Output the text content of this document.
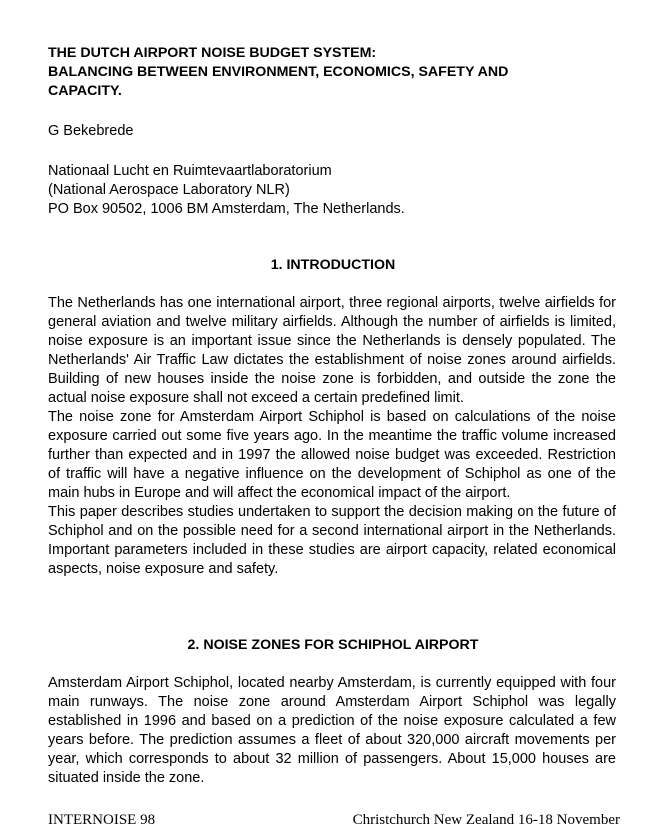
THE DUTCH AIRPORT NOISE BUDGET SYSTEM:
BALANCING BETWEEN ENVIRONMENT, ECONOMICS, SAFETY AND
CAPACITY.
G Bekebrede
Nationaal Lucht en Ruimtevaartlaboratorium
(National Aerospace Laboratory NLR)
PO Box 90502, 1006 BM Amsterdam, The Netherlands.
1. INTRODUCTION

The Netherlands has one international airport, three regional airports, twelve airfields for general aviation and twelve military airfields. Although the number of airfields is limited, noise exposure is an important issue since the Netherlands is densely populated. The Netherlands' Air Traffic Law dictates the establishment of noise zones around airfields. Building of new houses inside the noise zone is forbidden, and outside the zone the actual noise exposure shall not exceed a certain predefined limit.

The noise zone for Amsterdam Airport Schiphol is based on calculations of the noise exposure carried out some five years ago. In the meantime the traffic volume increased further than expected and in 1997 the allowed noise budget was exceeded. Restriction of traffic will have a negative influence on the development of Schiphol as one of the main hubs in Europe and will affect the economical impact of the airport.

This paper describes studies undertaken to support the decision making on the future of Schiphol and on the possible need for a second international airport in the Netherlands. Important parameters included in these studies are airport capacity, related economical aspects, noise exposure and safety.

2. NOISE ZONES FOR SCHIPHOL AIRPORT

Amsterdam Airport Schiphol, located nearby Amsterdam, is currently equipped with four main runways. The noise zone around Amsterdam Airport Schiphol was legally established in 1996 and based on a prediction of the noise exposure calculated a few years before. The prediction assumes a fleet of about 320,000 aircraft movements per year, which corresponds to about 32 million of passengers. About 15,000 houses are situated inside the zone.

INTERNOISE 98	Christchurch New Zealand 16-18 November
